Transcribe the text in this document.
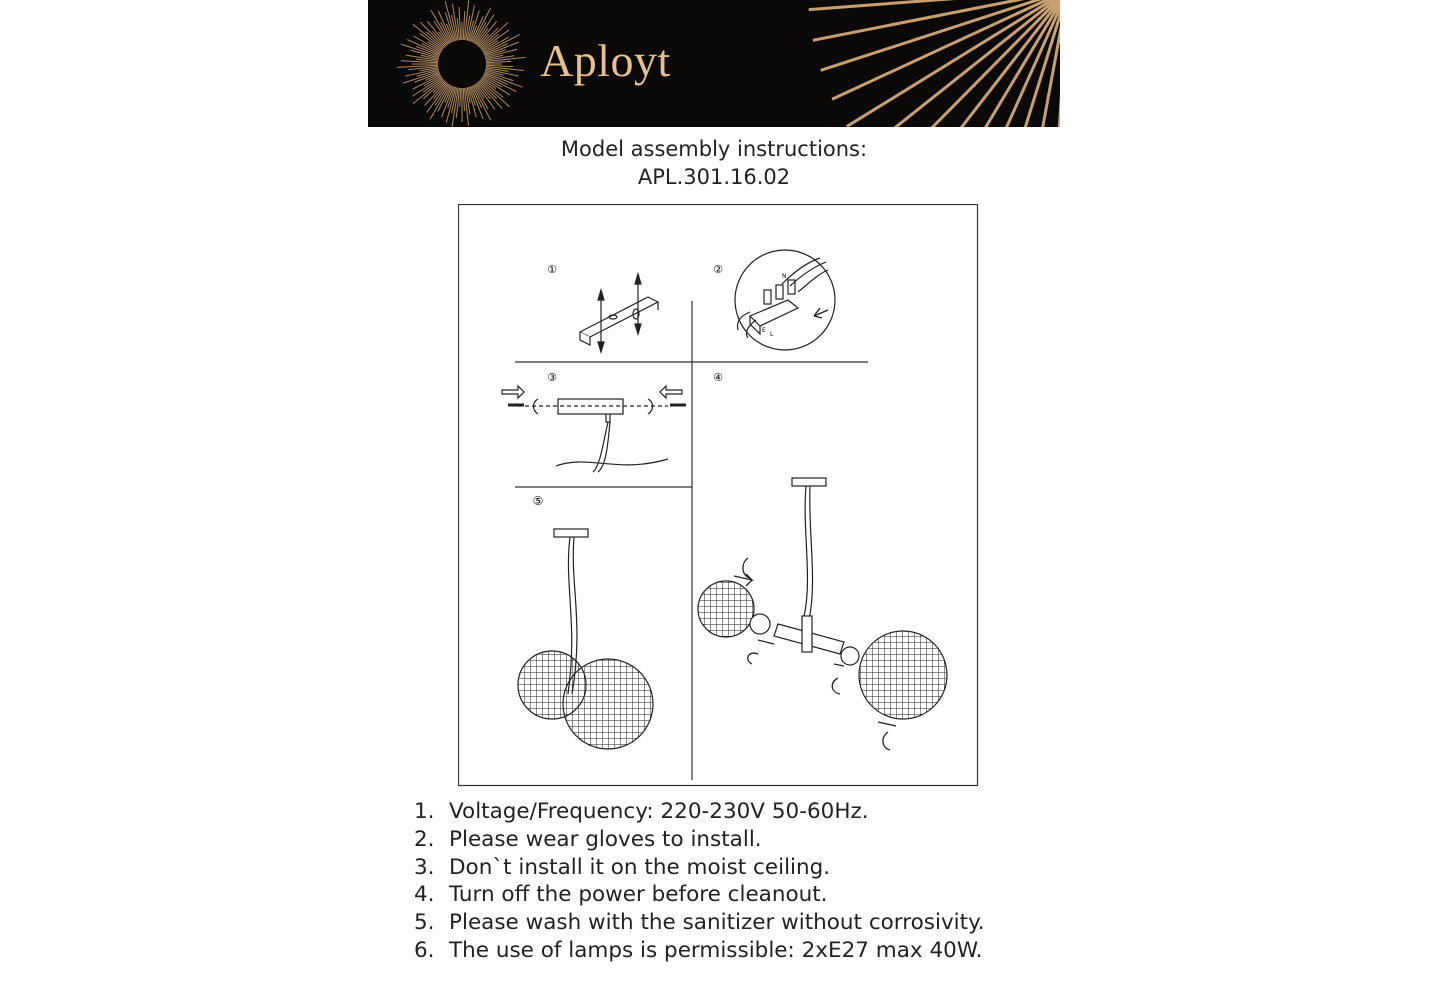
Aployt
Model assembly instructions:
APL.301.16.02
①	②
③	④
⑤
N
E
L
1. Voltage/Frequency: 220-230V 50-60Hz.
2. Please wear gloves to install.
3. Don`t install it on the moist ceiling.
4. Turn off the power before cleanout.
5. Please wash with the sanitizer without corrosivity.
6. The use of lamps is permissible: 2xE27 max 40W.
